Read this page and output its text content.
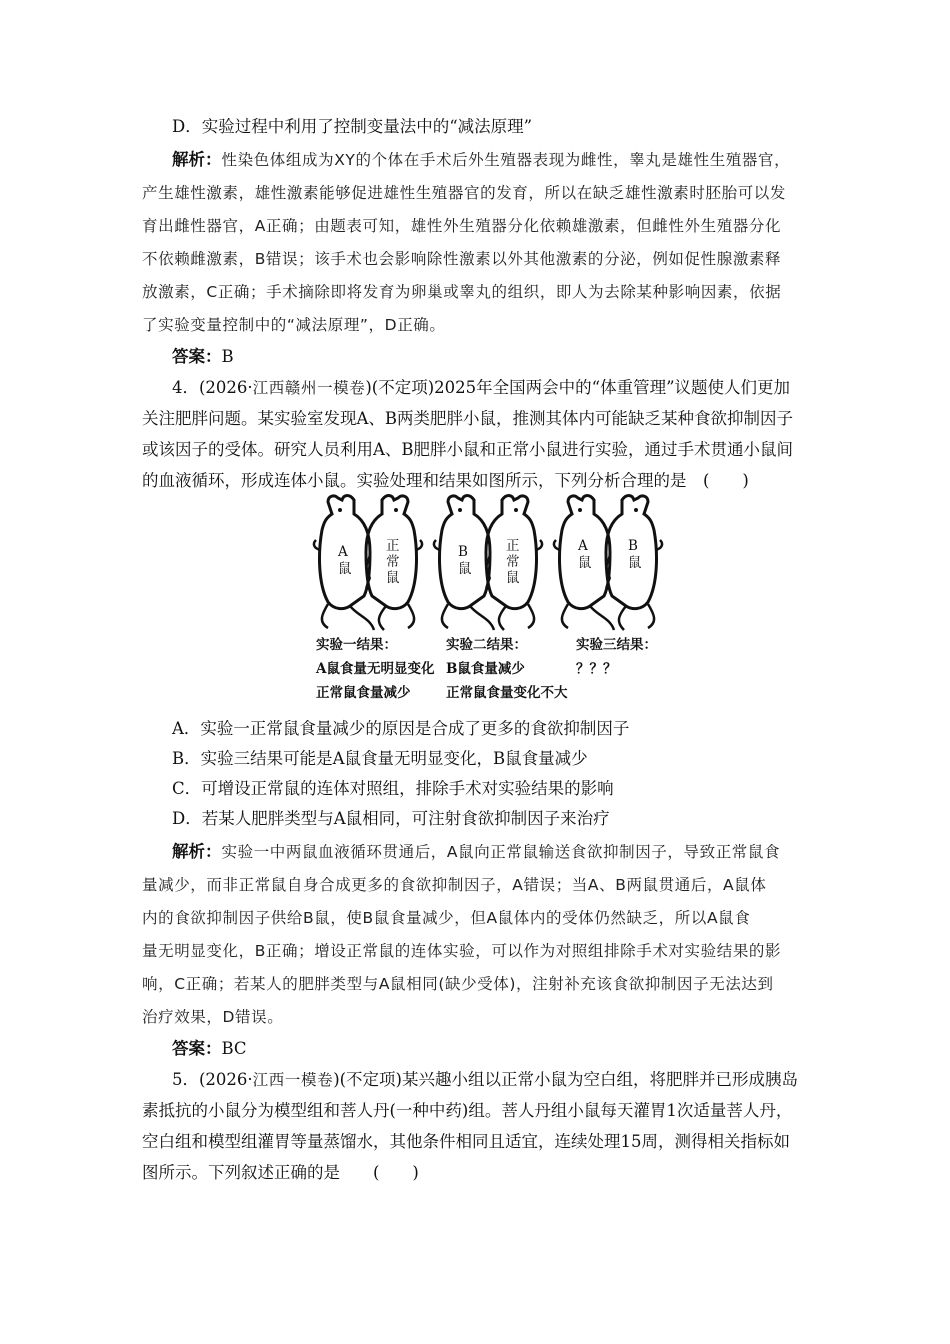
D．实验过程中利用了控制变量法中的“减法原理”
解析：性染色体组成为XY的个体在手术后外生殖器表现为雌性，睾丸是雄性生殖器官，
产生雄性激素，雄性激素能够促进雄性生殖器官的发育，所以在缺乏雄性激素时胚胎可以发
育出雌性器官，A正确；由题表可知，雄性外生殖器分化依赖雄激素，但雌性外生殖器分化
不依赖雌激素，B错误；该手术也会影响除性激素以外其他激素的分泌，例如促性腺激素释
放激素，C正确；手术摘除即将发育为卵巢或睾丸的组织，即人为去除某种影响因素，依据
了实验变量控制中的“减法原理”，D正确。
答案：B
4．(2026·江西赣州一模卷)(不定项)2025年全国两会中的“体重管理”议题使人们更加
关注肥胖问题。某实验室发现A、B两类肥胖小鼠，推测其体内可能缺乏某种食欲抑制因子
或该因子的受体。研究人员利用A、B肥胖小鼠和正常小鼠进行实验，通过手术贯通小鼠间
的血液循环，形成连体小鼠。实验处理和结果如图所示，下列分析合理的是　(　　)
A
鼠
正
常
鼠
B
鼠
正
常
鼠
A
鼠
B
鼠
实验一结果：	实验二结果：	实验三结果：
A鼠食量无明显变化 B鼠食量减少	？？？
正常鼠食量减少	正常鼠食量变化不大
A．实验一正常鼠食量减少的原因是合成了更多的食欲抑制因子
B．实验三结果可能是A鼠食量无明显变化，B鼠食量减少
C．可增设正常鼠的连体对照组，排除手术对实验结果的影响
D．若某人肥胖类型与A鼠相同，可注射食欲抑制因子来治疗
解析：实验一中两鼠血液循环贯通后，A鼠向正常鼠输送食欲抑制因子，导致正常鼠食
量减少，而非正常鼠自身合成更多的食欲抑制因子，A错误；当A、B两鼠贯通后，A鼠体
内的食欲抑制因子供给B鼠，使B鼠食量减少，但A鼠体内的受体仍然缺乏，所以A鼠食
量无明显变化，B正确；增设正常鼠的连体实验，可以作为对照组排除手术对实验结果的影
响，C正确；若某人的肥胖类型与A鼠相同(缺少受体)，注射补充该食欲抑制因子无法达到
治疗效果，D错误。
答案：BC
5．(2026·江西一模卷)(不定项)某兴趣小组以正常小鼠为空白组，将肥胖并已形成胰岛
素抵抗的小鼠分为模型组和菩人丹(一种中药)组。菩人丹组小鼠每天灌胃1次适量菩人丹，
空白组和模型组灌胃等量蒸馏水，其他条件相同且适宜，连续处理15周，测得相关指标如
图所示。下列叙述正确的是　　(　　)
